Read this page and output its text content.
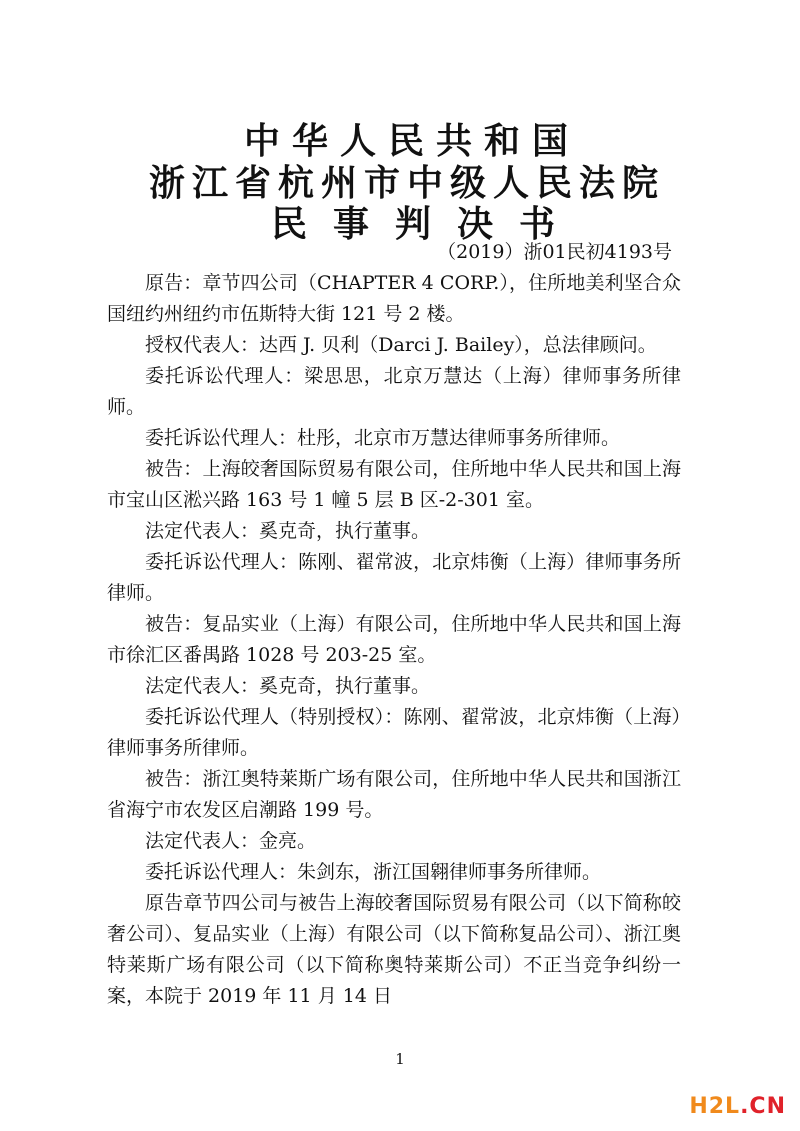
中华人民共和国
浙江省杭州市中级人民法院
民事判决书
（2019）浙01民初4193号

原告：章节四公司（CHAPTER 4 CORP.），住所地美利坚合众国纽约州纽约市伍斯特大街 121 号 2 楼。

授权代表人：达西 J. 贝利（Darci J. Bailey），总法律顾问。

委托诉讼代理人：梁思思，北京万慧达（上海）律师事务所律师。

委托诉讼代理人：杜彤，北京市万慧达律师事务所律师。

被告：上海皎奢国际贸易有限公司，住所地中华人民共和国上海市宝山区淞兴路 163 号 1 幢 5 层 B 区-2-301 室。

法定代表人：奚克奇，执行董事。

委托诉讼代理人：陈刚、翟常波，北京炜衡（上海）律师事务所律师。

被告：复品实业（上海）有限公司，住所地中华人民共和国上海市徐汇区番禺路 1028 号 203-25 室。

法定代表人：奚克奇，执行董事。

委托诉讼代理人（特别授权）：陈刚、翟常波，北京炜衡（上海）律师事务所律师。

被告：浙江奥特莱斯广场有限公司，住所地中华人民共和国浙江省海宁市农发区启潮路 199 号。

法定代表人：金亮。

委托诉讼代理人：朱剑东，浙江国翱律师事务所律师。

原告章节四公司与被告上海皎奢国际贸易有限公司（以下简称皎奢公司）、复品实业（上海）有限公司（以下简称复品公司）、浙江奥特莱斯广场有限公司（以下简称奥特莱斯公司）不正当竞争纠纷一案，本院于 2019 年 11 月 14 日

1
H2L.CN
